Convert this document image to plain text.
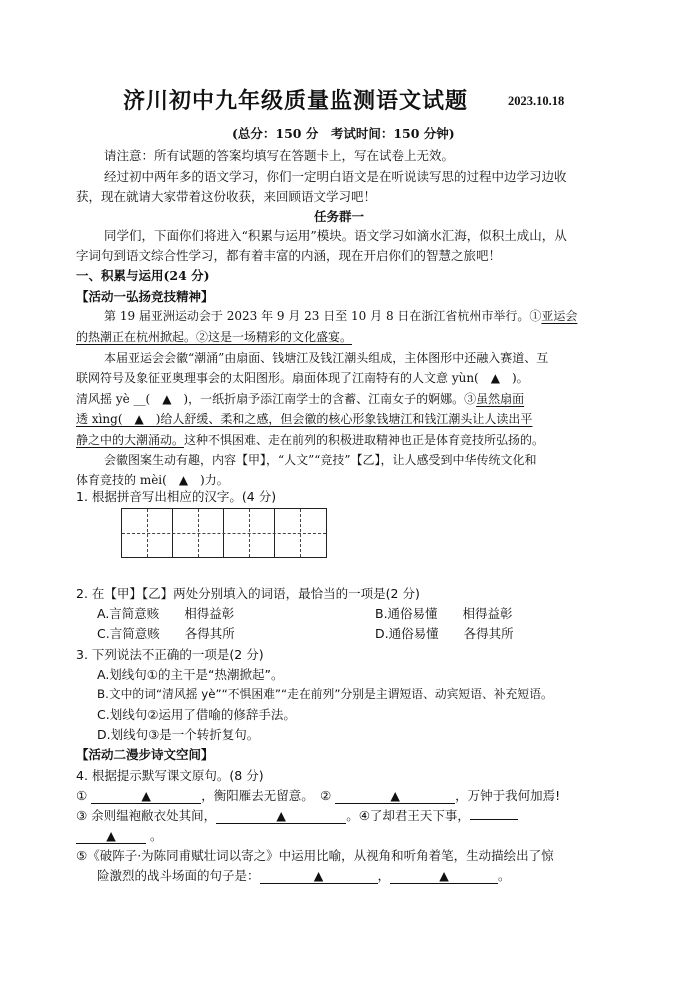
济川初中九年级质量监测语文试题	2023.10.18
(总分：150 分　考试时间：150 分钟)
请注意：所有试题的答案均填写在答题卡上，写在试卷上无效。
经过初中两年多的语文学习，你们一定明白语文是在听说读写思的过程中边学习边收
获，现在就请大家带着这份收获，来回顾语文学习吧！
任务群一
同学们，下面你们将进入“积累与运用”模块。语文学习如滴水汇海，似积土成山，从
字词句到语文综合性学习，都有着丰富的内涵，现在开启你们的智慧之旅吧！
一、积累与运用(24 分)
【活动一弘扬竞技精神】
第 19 届亚洲运动会于 2023 年 9 月 23 日至 10 月 8 日在浙江省杭州市举行。①亚运会
的热潮正在杭州掀起。②这是一场精彩的文化盛宴。
本届亚运会会徽“潮涌”由扇面、钱塘江及钱江潮头组成，主体图形中还融入赛道、互
联网符号及象征亚奥理事会的太阳图形。扇面体现了江南特有的人文意 yùn(　▲　)。
清风摇 yè __(　▲　)，一纸折扇予添江南学士的含蓄、江南女子的婀娜。③虽然扇面
透 xìng(　▲　)给人舒缓、柔和之感，但会徽的核心形象钱塘江和钱江潮头让人读出平
静之中的大潮涌动。这种不惧困难、走在前列的积极进取精神也正是体育竞技所弘扬的。
会徽图案生动有趣，内容【甲】，“人文”“竞技”【乙】，让人感受到中华传统文化和
体育竞技的 mèi(　▲　)力。
1. 根据拼音写出相应的汉字。(4 分)
2. 在【甲】【乙】两处分别填入的词语，最恰当的一项是(2 分)
A.言简意赅　　相得益彰	B.通俗易懂　　相得益彰
C.言简意赅　　各得其所	D.通俗易懂　　各得其所
3. 下列说法不正确的一项是(2 分)
A.划线句①的主干是“热潮掀起”。
B.文中的词“清风摇 yè”“不惧困难”“走在前列”分别是主谓短语、动宾短语、补充短语。
C.划线句②运用了借喻的修辞手法。
D.划线句③是一个转折复句。
【活动二漫步诗文空间】
4. 根据提示默写课文原句。(8 分)
①	▲	，衡阳雁去无留意。　②	▲	，万钟于我何加焉!
③ 余则缊袍敝衣处其间，	▲	。④了却君王天下事，
▲	。
⑤《破阵子·为陈同甫赋壮词以寄之》中运用比喻，从视角和听角着笔，生动描绘出了惊
险激烈的战斗场面的句子是：	▲	，	▲	。
